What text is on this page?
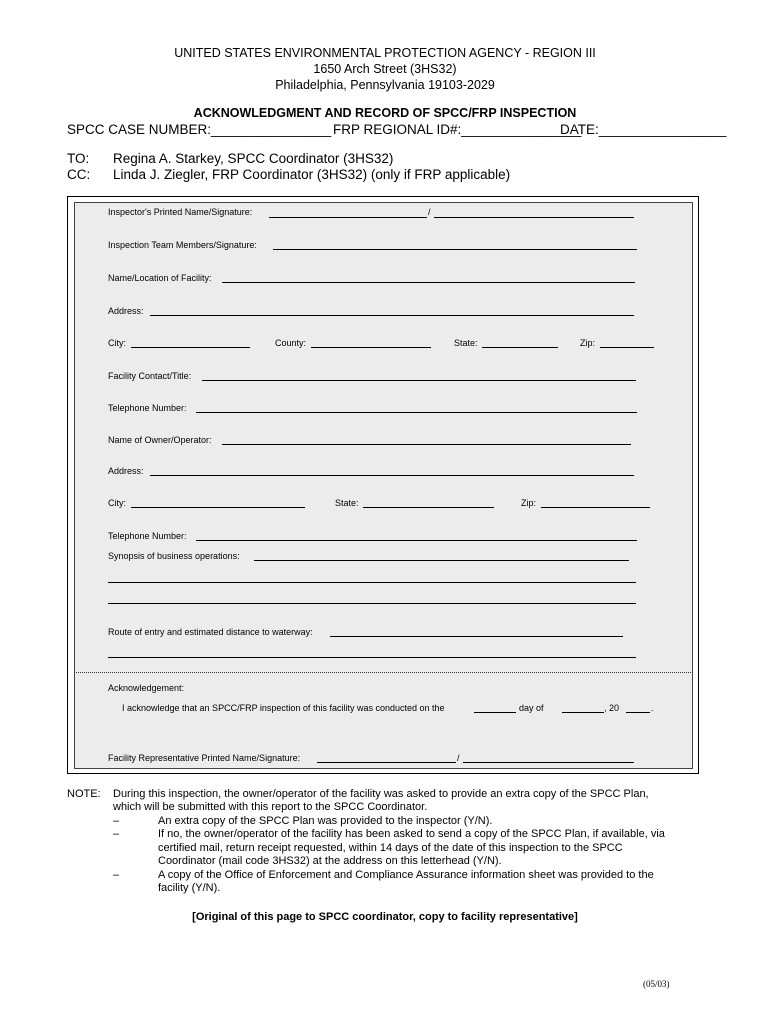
UNITED STATES ENVIRONMENTAL PROTECTION AGENCY - REGION III
1650 Arch Street (3HS32)
Philadelphia, Pennsylvania 19103-2029
ACKNOWLEDGMENT AND RECORD OF SPCC/FRP INSPECTION
SPCC CASE NUMBER:________________ FRP REGIONAL ID#:________________
DATE:_________________
TO: Regina A. Starkey, SPCC Coordinator (3HS32)
CC: Linda J. Ziegler, FRP Coordinator (3HS32) (only if FRP applicable)
Inspector's Printed Name/Signature:	/
Inspection Team Members/Signature:
Name/Location of Facility:
Address:
City:	County:	State:	Zip:
Facility Contact/Title:
Telephone Number:
Name of Owner/Operator:
Address:
City:	State:	Zip:
Telephone Number:
Synopsis of business operations:
Route of entry and estimated distance to waterway:
Acknowledgement:
I acknowledge that an SPCC/FRP inspection of this facility was conducted on the	day of	, 20	.
Facility Representative Printed Name/Signature:	/
NOTE: During this inspection, the owner/operator of the facility was asked to provide an extra copy of the SPCC Plan,
which will be submitted with this report to the SPCC Coordinator.
–	An extra copy of the SPCC Plan was provided to the inspector (Y/N).
–	If no, the owner/operator of the facility has been asked to send a copy of the SPCC Plan, if available, via
certified mail, return receipt requested, within 14 days of the date of this inspection to the SPCC
Coordinator (mail code 3HS32) at the address on this letterhead (Y/N).
–	A copy of the Office of Enforcement and Compliance Assurance information sheet was provided to the
facility (Y/N).
[Original of this page to SPCC coordinator, copy to facility representative]
(05/03)
